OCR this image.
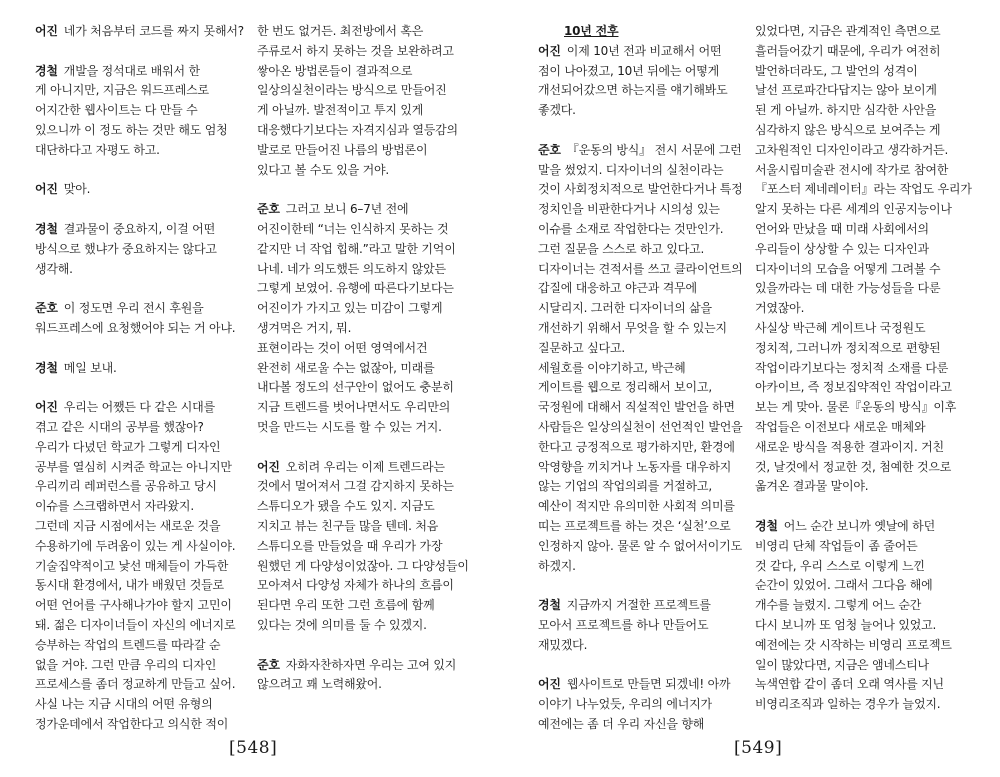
어진 네가 처음부터 코드를 짜지 못해서?
경철 개발을 정석대로 배워서 한
게 아니지만, 지금은 워드프레스로
어지간한 웹사이트는 다 만들 수
있으니까 이 정도 하는 것만 해도 엄청
대단하다고 자평도 하고.
어진 맞아.
경철 결과물이 중요하지, 이걸 어떤
방식으로 했냐가 중요하지는 않다고
생각해.
준호 이 정도면 우리 전시 후원을
워드프레스에 요청했어야 되는 거 아냐.
경철 메일 보내.
어진 우리는 어쨌든 다 같은 시대를
겪고 같은 시대의 공부를 했잖아?
우리가 다녔던 학교가 그렇게 디자인
공부를 열심히 시켜준 학교는 아니지만
우리끼리 레퍼런스를 공유하고 당시
이슈를 스크랩하면서 자라왔지.
그런데 지금 시점에서는 새로운 것을
수용하기에 두려움이 있는 게 사실이야.
기술집약적이고 낯선 매체들이 가득한
동시대 환경에서, 내가 배웠던 것들로
어떤 언어를 구사해나가야 할지 고민이
돼. 젊은 디자이너들이 자신의 에너지로
승부하는 작업의 트렌드를 따라갈 순
없을 거야. 그런 만큼 우리의 디자인
프로세스를 좀더 정교하게 만들고 싶어.
사실 나는 지금 시대의 어떤 유형의
정가운데에서 작업한다고 의식한 적이
한 번도 없거든. 최전방에서 혹은
주류로서 하지 못하는 것을 보완하려고
쌓아온 방법론들이 결과적으로
일상의실천이라는 방식으로 만들어진
게 아닐까. 발전적이고 투지 있게
대응했다기보다는 자격지심과 열등감의
발로로 만들어진 나름의 방법론이
있다고 볼 수도 있을 거야.
준호 그러고 보니 6–7년 전에
어진이한테 “너는 인식하지 못하는 것
같지만 너 작업 힙해.”라고 말한 기억이
나네. 네가 의도했든 의도하지 않았든
그렇게 보였어. 유행에 따른다기보다는
어진이가 가지고 있는 미감이 그렇게
생겨먹은 거지, 뭐.
표현이라는 것이 어떤 영역에서건
완전히 새로울 수는 없잖아, 미래를
내다볼 정도의 선구안이 없어도 충분히
지금 트렌드를 벗어나면서도 우리만의
멋을 만드는 시도를 할 수 있는 거지.
어진 오히려 우리는 이제 트렌드라는
것에서 멀어져서 그걸 감지하지 못하는
스튜디오가 됐을 수도 있지. 지금도
지치고 뷰는 친구들 많을 텐데. 처음
스튜디오를 만들었을 때 우리가 가장
원했던 게 다양성이었잖아. 그 다양성들이
모아져서 다양성 자체가 하나의 흐름이
된다면 우리 또한 그런 흐름에 함께
있다는 것에 의미를 둘 수 있겠지.
준호 자화자찬하자면 우리는 고여 있지
않으려고 꽤 노력해왔어.
10년 전후
어진 이제 10년 전과 비교해서 어떤
점이 나아졌고, 10년 뒤에는 어떻게
개선되어갔으면 하는지를 얘기해봐도
좋겠다.
준호 『운동의 방식』 전시 서문에 그런
말을 썼었지. 디자이너의 실천이라는
것이 사회정치적으로 발언한다거나 특정
정치인을 비판한다거나 시의성 있는
이슈를 소재로 작업한다는 것만인가.
그런 질문을 스스로 하고 있다고.
디자이너는 견적서를 쓰고 클라이언트의
갑질에 대응하고 야근과 격무에
시달리지. 그러한 디자이너의 삶을
개선하기 위해서 무엇을 할 수 있는지
질문하고 싶다고.
세월호를 이야기하고, 박근혜
게이트를 웹으로 정리해서 보이고,
국정원에 대해서 직설적인 발언을 하면
사람들은 일상의실천이 선언적인 발언을
한다고 긍정적으로 평가하지만, 환경에
악영향을 끼치거나 노동자를 대우하지
않는 기업의 작업의뢰를 거절하고,
예산이 적지만 유의미한 사회적 의미를
띠는 프로젝트를 하는 것은 ‘실천’으로
인정하지 않아. 물론 알 수 없어서이기도
하겠지.
경철 지금까지 거절한 프로젝트를
모아서 프로젝트를 하나 만들어도
재밌겠다.
어진 웹사이트로 만들면 되겠네! 아까
이야기 나누었듯, 우리의 에너지가
예전에는 좀 더 우리 자신을 향해
있었다면, 지금은 관계적인 측면으로
흘러들어갔기 때문에, 우리가 여전히
발언하더라도, 그 발언의 성격이
날선 프로파간다답지는 않아 보이게
된 게 아닐까. 하지만 심각한 사안을
심각하지 않은 방식으로 보여주는 게
고차원적인 디자인이라고 생각하거든.
서울시립미술관 전시에 작가로 참여한
『포스터 제네레이터』라는 작업도 우리가
알지 못하는 다른 세계의 인공지능이나
언어와 만났을 때 미래 사회에서의
우리들이 상상할 수 있는 디자인과
디자이너의 모습을 어떻게 그려볼 수
있을까라는 데 대한 가능성들을 다룬
거였잖아.
사실상 박근혜 게이트나 국정원도
정치적, 그러니까 정치적으로 편향된
작업이라기보다는 정치적 소재를 다룬
아카이브, 즉 정보집약적인 작업이라고
보는 게 맞아. 물론『운동의 방식』이후
작업들은 이전보다 새로운 매체와
새로운 방식을 적용한 결과이지. 거친
것, 날것에서 정교한 것, 첨예한 것으로
옮겨온 결과물 말이야.
경철 어느 순간 보니까 옛날에 하던
비영리 단체 작업들이 좀 줄어든
것 같다, 우리 스스로 이렇게 느낀
순간이 있었어. 그래서 그다음 해에
개수를 늘렸지. 그렇게 어느 순간
다시 보니까 또 엄청 늘어나 있었고.
예전에는 갓 시작하는 비영리 프로젝트
일이 많았다면, 지금은 앰네스티나
녹색연합 같이 좀더 오래 역사를 지닌
비영리조직과 일하는 경우가 늘었지.
[548]	[549]
